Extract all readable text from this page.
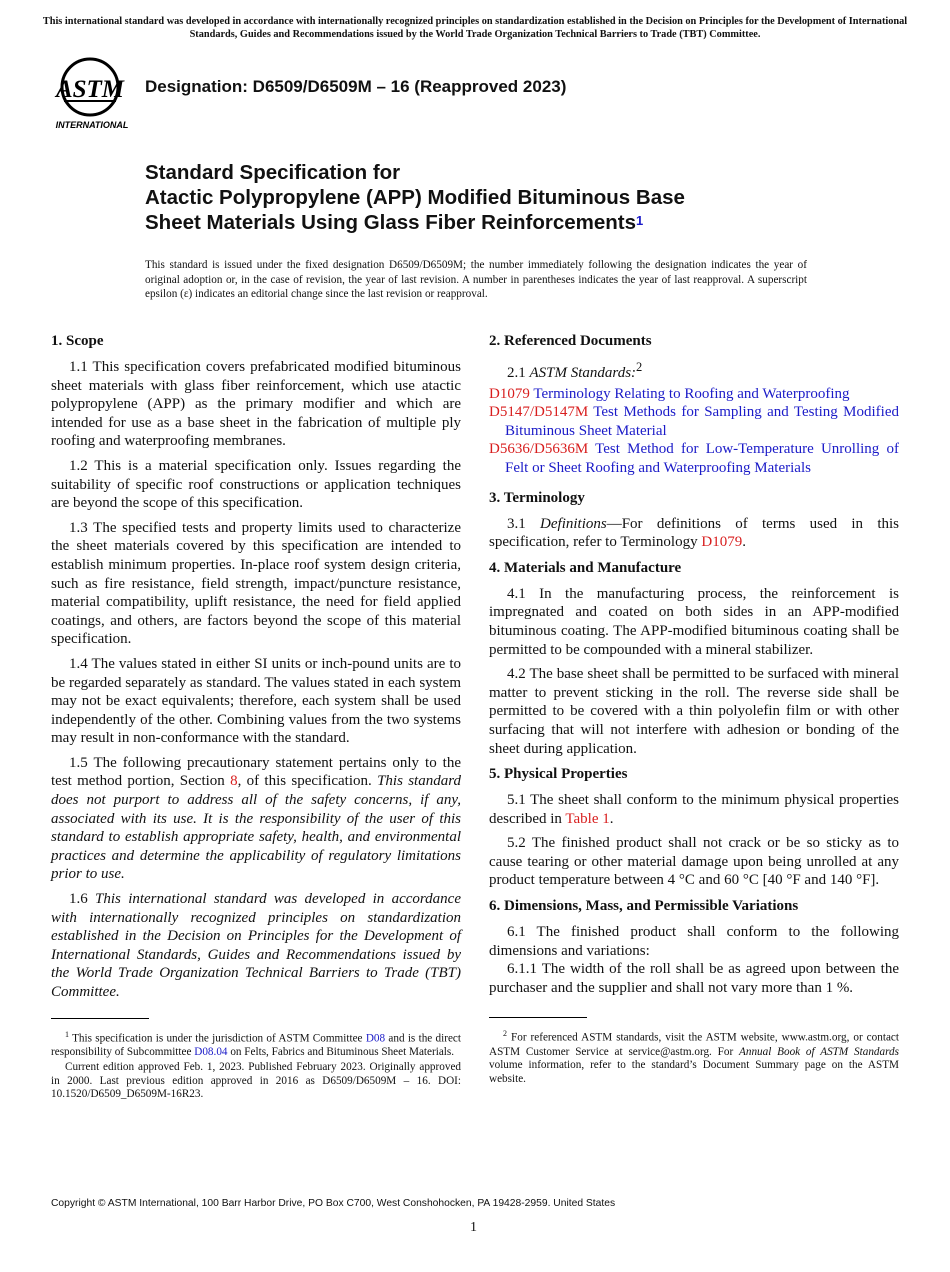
This international standard was developed in accordance with internationally recognized principles on standardization established in the Decision on Principles for the Development of International Standards, Guides and Recommendations issued by the World Trade Organization Technical Barriers to Trade (TBT) Committee.
ASTM
INTERNATIONAL
Designation: D6509/D6509M – 16 (Reapproved 2023)
Standard Specification for
Atactic Polypropylene (APP) Modified Bituminous Base
Sheet Materials Using Glass Fiber Reinforcements$^1$
This standard is issued under the fixed designation D6509/D6509M; the number immediately following the designation indicates the year of original adoption or, in the case of revision, the year of last revision. A number in parentheses indicates the year of last reapproval. A superscript epsilon (ε) indicates an editorial change since the last revision or reapproval.
1. Scope

1.1 This specification covers prefabricated modified bituminous sheet materials with glass fiber reinforcement, which use atactic polypropylene (APP) as the primary modifier and which are intended for use as a base sheet in the fabrication of multiple ply roofing and waterproofing membranes.

1.2 This is a material specification only. Issues regarding the suitability of specific roof constructions or application techniques are beyond the scope of this specification.

1.3 The specified tests and property limits used to characterize the sheet materials covered by this specification are intended to establish minimum properties. In-place roof system design criteria, such as fire resistance, field strength, impact/puncture resistance, material compatibility, uplift resistance, the need for field applied coatings, and others, are factors beyond the scope of this material specification.

1.4 The values stated in either SI units or inch-pound units are to be regarded separately as standard. The values stated in each system may not be exact equivalents; therefore, each system shall be used independently of the other. Combining values from the two systems may result in non-conformance with the standard.

1.5 The following precautionary statement pertains only to the test method portion, Section 8, of this specification. This standard does not purport to address all of the safety concerns, if any, associated with its use. It is the responsibility of the user of this standard to establish appropriate safety, health, and environmental practices and determine the applicability of regulatory limitations prior to use.

1.6 This international standard was developed in accordance with internationally recognized principles on standardization established in the Decision on Principles for the Development of International Standards, Guides and Recommendations issued by the World Trade Organization Technical Barriers to Trade (TBT) Committee.

$^1$ This specification is under the jurisdiction of ASTM Committee D08 and is the direct responsibility of Subcommittee D08.04 on Felts, Fabrics and Bituminous Sheet Materials.

Current edition approved Feb. 1, 2023. Published February 2023. Originally approved in 2000. Last previous edition approved in 2016 as D6509/D6509M – 16. DOI: 10.1520/D6509_D6509M-16R23.

2. Referenced Documents

2.1 ASTM Standards:$^2$

D1079 Terminology Relating to Roofing and Waterproofing
D5147/D5147M Test Methods for Sampling and Testing Modified Bituminous Sheet Material
D5636/D5636M Test Method for Low-Temperature Unrolling of Felt or Sheet Roofing and Waterproofing Materials
3. Terminology

3.1 Definitions—For definitions of terms used in this specification, refer to Terminology D1079.

4. Materials and Manufacture

4.1 In the manufacturing process, the reinforcement is impregnated and coated on both sides in an APP-modified bituminous coating. The APP-modified bituminous coating shall be permitted to be compounded with a mineral stabilizer.

4.2 The base sheet shall be permitted to be surfaced with mineral matter to prevent sticking in the roll. The reverse side shall be permitted to be covered with a thin polyolefin film or with other surfacing that will not interfere with adhesion or bonding of the sheet during application.

5. Physical Properties

5.1 The sheet shall conform to the minimum physical properties described in Table 1.

5.2 The finished product shall not crack or be so sticky as to cause tearing or other material damage upon being unrolled at any product temperature between 4 °C and 60 °C [40 °F and 140 °F].

6. Dimensions, Mass, and Permissible Variations

6.1 The finished product shall conform to the following dimensions and variations:

6.1.1 The width of the roll shall be as agreed upon between the purchaser and the supplier and shall not vary more than 1 %.

$^2$ For referenced ASTM standards, visit the ASTM website, www.astm.org, or contact ASTM Customer Service at service@astm.org. For Annual Book of ASTM Standards volume information, refer to the standard’s Document Summary page on the ASTM website.

Copyright © ASTM International, 100 Barr Harbor Drive, PO Box C700, West Conshohocken, PA 19428-2959. United States
1
